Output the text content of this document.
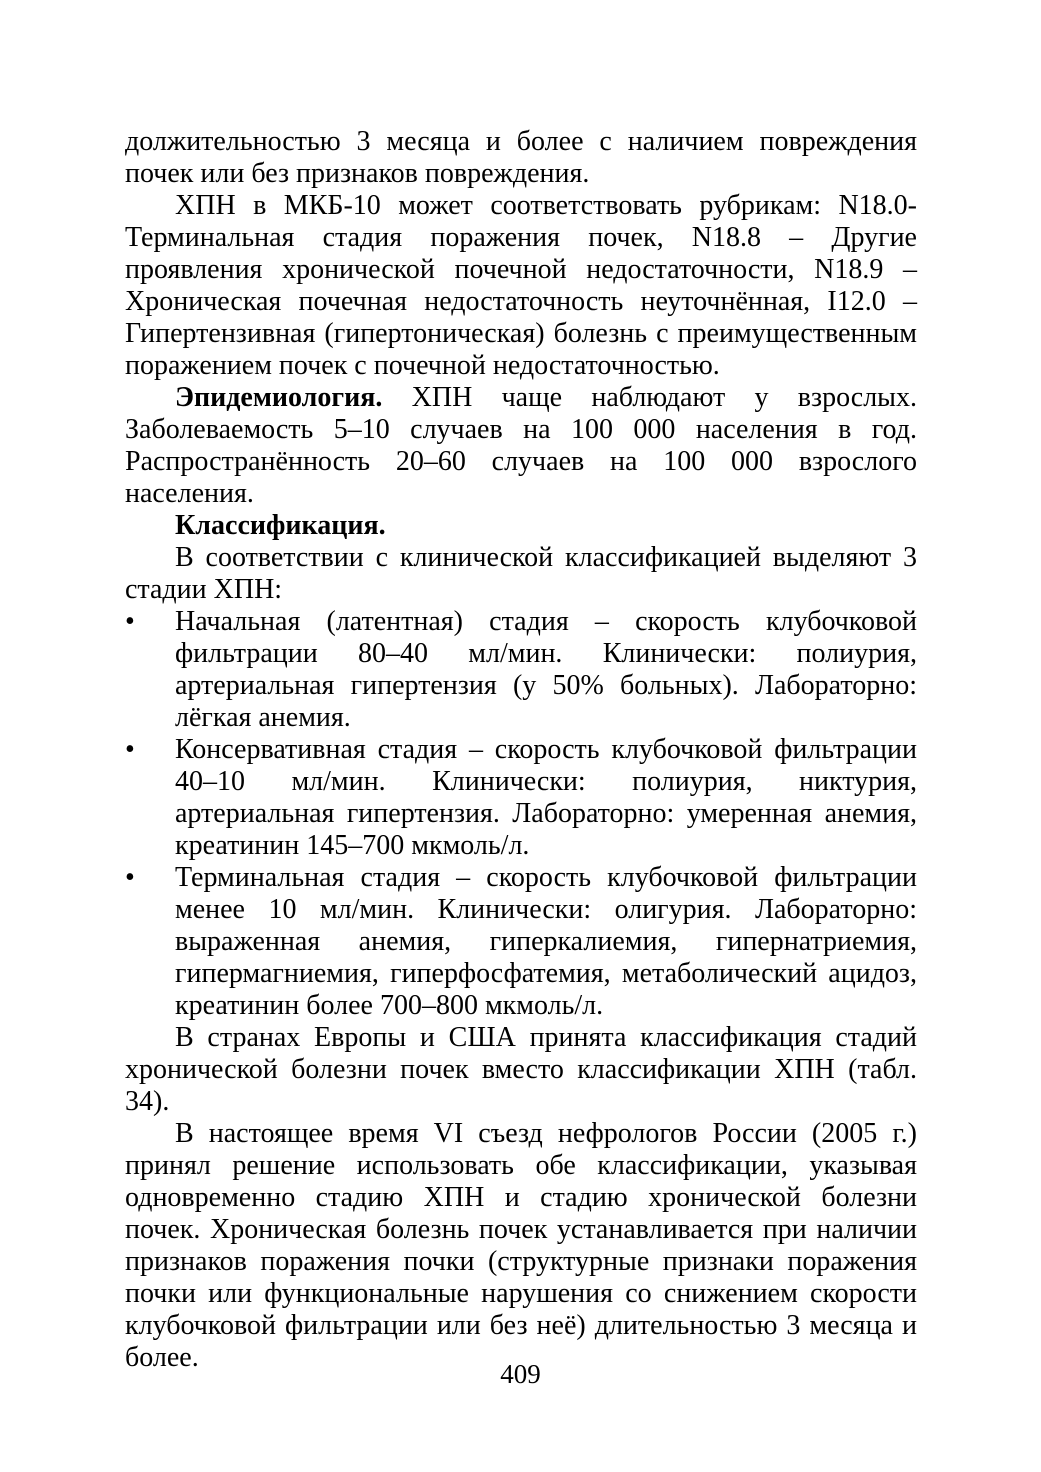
должительностью 3 месяца и более с наличием повреждения почек или без признаков повреждения.

ХПН в МКБ-10 может соответствовать рубрикам: N18.0-Терминальная стадия поражения почек, N18.8 – Другие проявления хронической почечной недостаточности, N18.9 – Хроническая почечная недостаточность неуточнённая, I12.0 – Гипертензивная (гипертоническая) болезнь с преимущественным поражением почек с почечной недостаточностью.

Эпидемиология. ХПН чаще наблюдают у взрослых. Заболеваемость 5–10 случаев на 100 000 населения в год. Распространённость 20–60 случаев на 100 000 взрослого населения.

Классификация.

В соответствии с клинической классификацией выделяют 3 стадии ХПН:

• Начальная (латентная) стадия – скорость клубочковой фильтрации 80–40 мл/мин. Клинически: полиурия, артериальная гипертензия (у 50% больных). Лабораторно: лёгкая анемия.
• Консервативная стадия – скорость клубочковой фильтрации 40–10 мл/мин. Клинически: полиурия, никтурия, артериальная гипертензия. Лабораторно: умеренная анемия, креатинин 145–700 мкмоль/л.
• Терминальная стадия – скорость клубочковой фильтрации менее 10 мл/мин. Клинически: олигурия. Лабораторно: выраженная анемия, гиперкалиемия, гипернатриемия, гипермагниемия, гиперфосфатемия, метаболический ацидоз, креатинин более 700–800 мкмоль/л.

В странах Европы и США принята классификация стадий хронической болезни почек вместо классификации ХПН (табл. 34).

В настоящее время VI съезд нефрологов России (2005 г.) принял решение использовать обе классификации, указывая одновременно стадию ХПН и стадию хронической болезни почек. Хроническая болезнь почек устанавливается при наличии признаков поражения почки (структурные признаки поражения почки или функциональные нарушения со снижением скорости клубочковой фильтрации или без неё) длительностью 3 месяца и более.

409
